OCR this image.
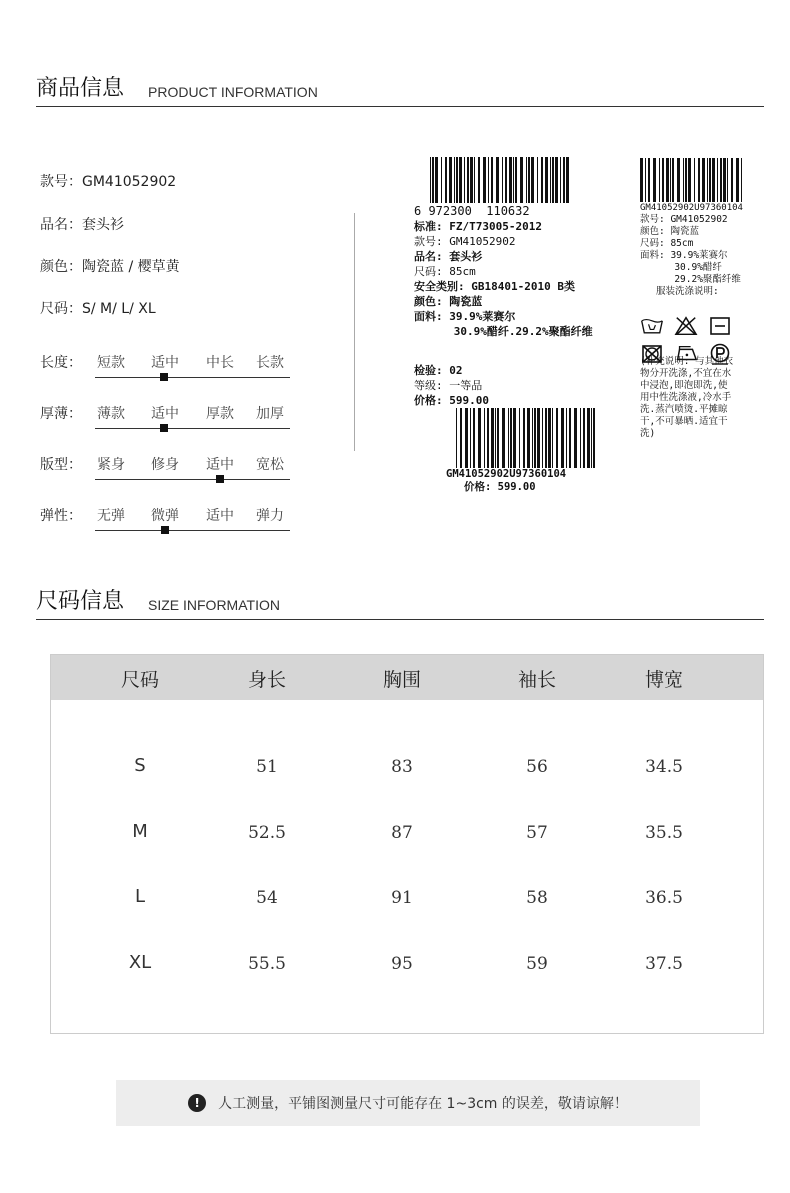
商品信息 PRODUCT INFORMATION
款号：GM41052902
品名：套头衫
颜色：陶瓷蓝 / 樱草黄
尺码：S/ M/ L/ XL
长度：	短款	适中	中长	长款
厚薄：	薄款	适中	厚款	加厚
版型：	紧身	修身	适中	宽松
弹性：	无弹	微弹	适中	弹力
6 972300  110632
标准: FZ/T73005-2012
款号: GM41052902
品名: 套头衫
尺码: 85cm
安全类别: GB18401-2010 B类
颜色: 陶瓷蓝
面料: 39.9%莱赛尔
30.9%醋纤.29.2%聚酯纤维
检验: 02
等级: 一等品
价格: 599.00
GM41052902U97360104
价格: 599.00
GM41052902U97360104
款号: GM41052902
颜色: 陶瓷蓝
尺码: 85cm
面料: 39.9%莱赛尔
30.9%醋纤
29.2%聚酯纤维
服装洗涤说明:
(补充说明: 与其他衣
物分开洗涤,不宜在水
中浸泡,即泡即洗,使
用中性洗涤液,冷水手
洗.蒸汽喷烫.平摊晾
干,不可暴晒.适宜干
洗)
尺码信息 SIZE INFORMATION
尺码	身长	胸围	袖长	博宽
S	51	83	56	34.5
M	52.5	87	57	35.5
L	54	91	58	36.5
XL	55.5	95	59	37.5
!	人工测量，平铺图测量尺寸可能存在 1~3cm 的误差，敬请谅解！
